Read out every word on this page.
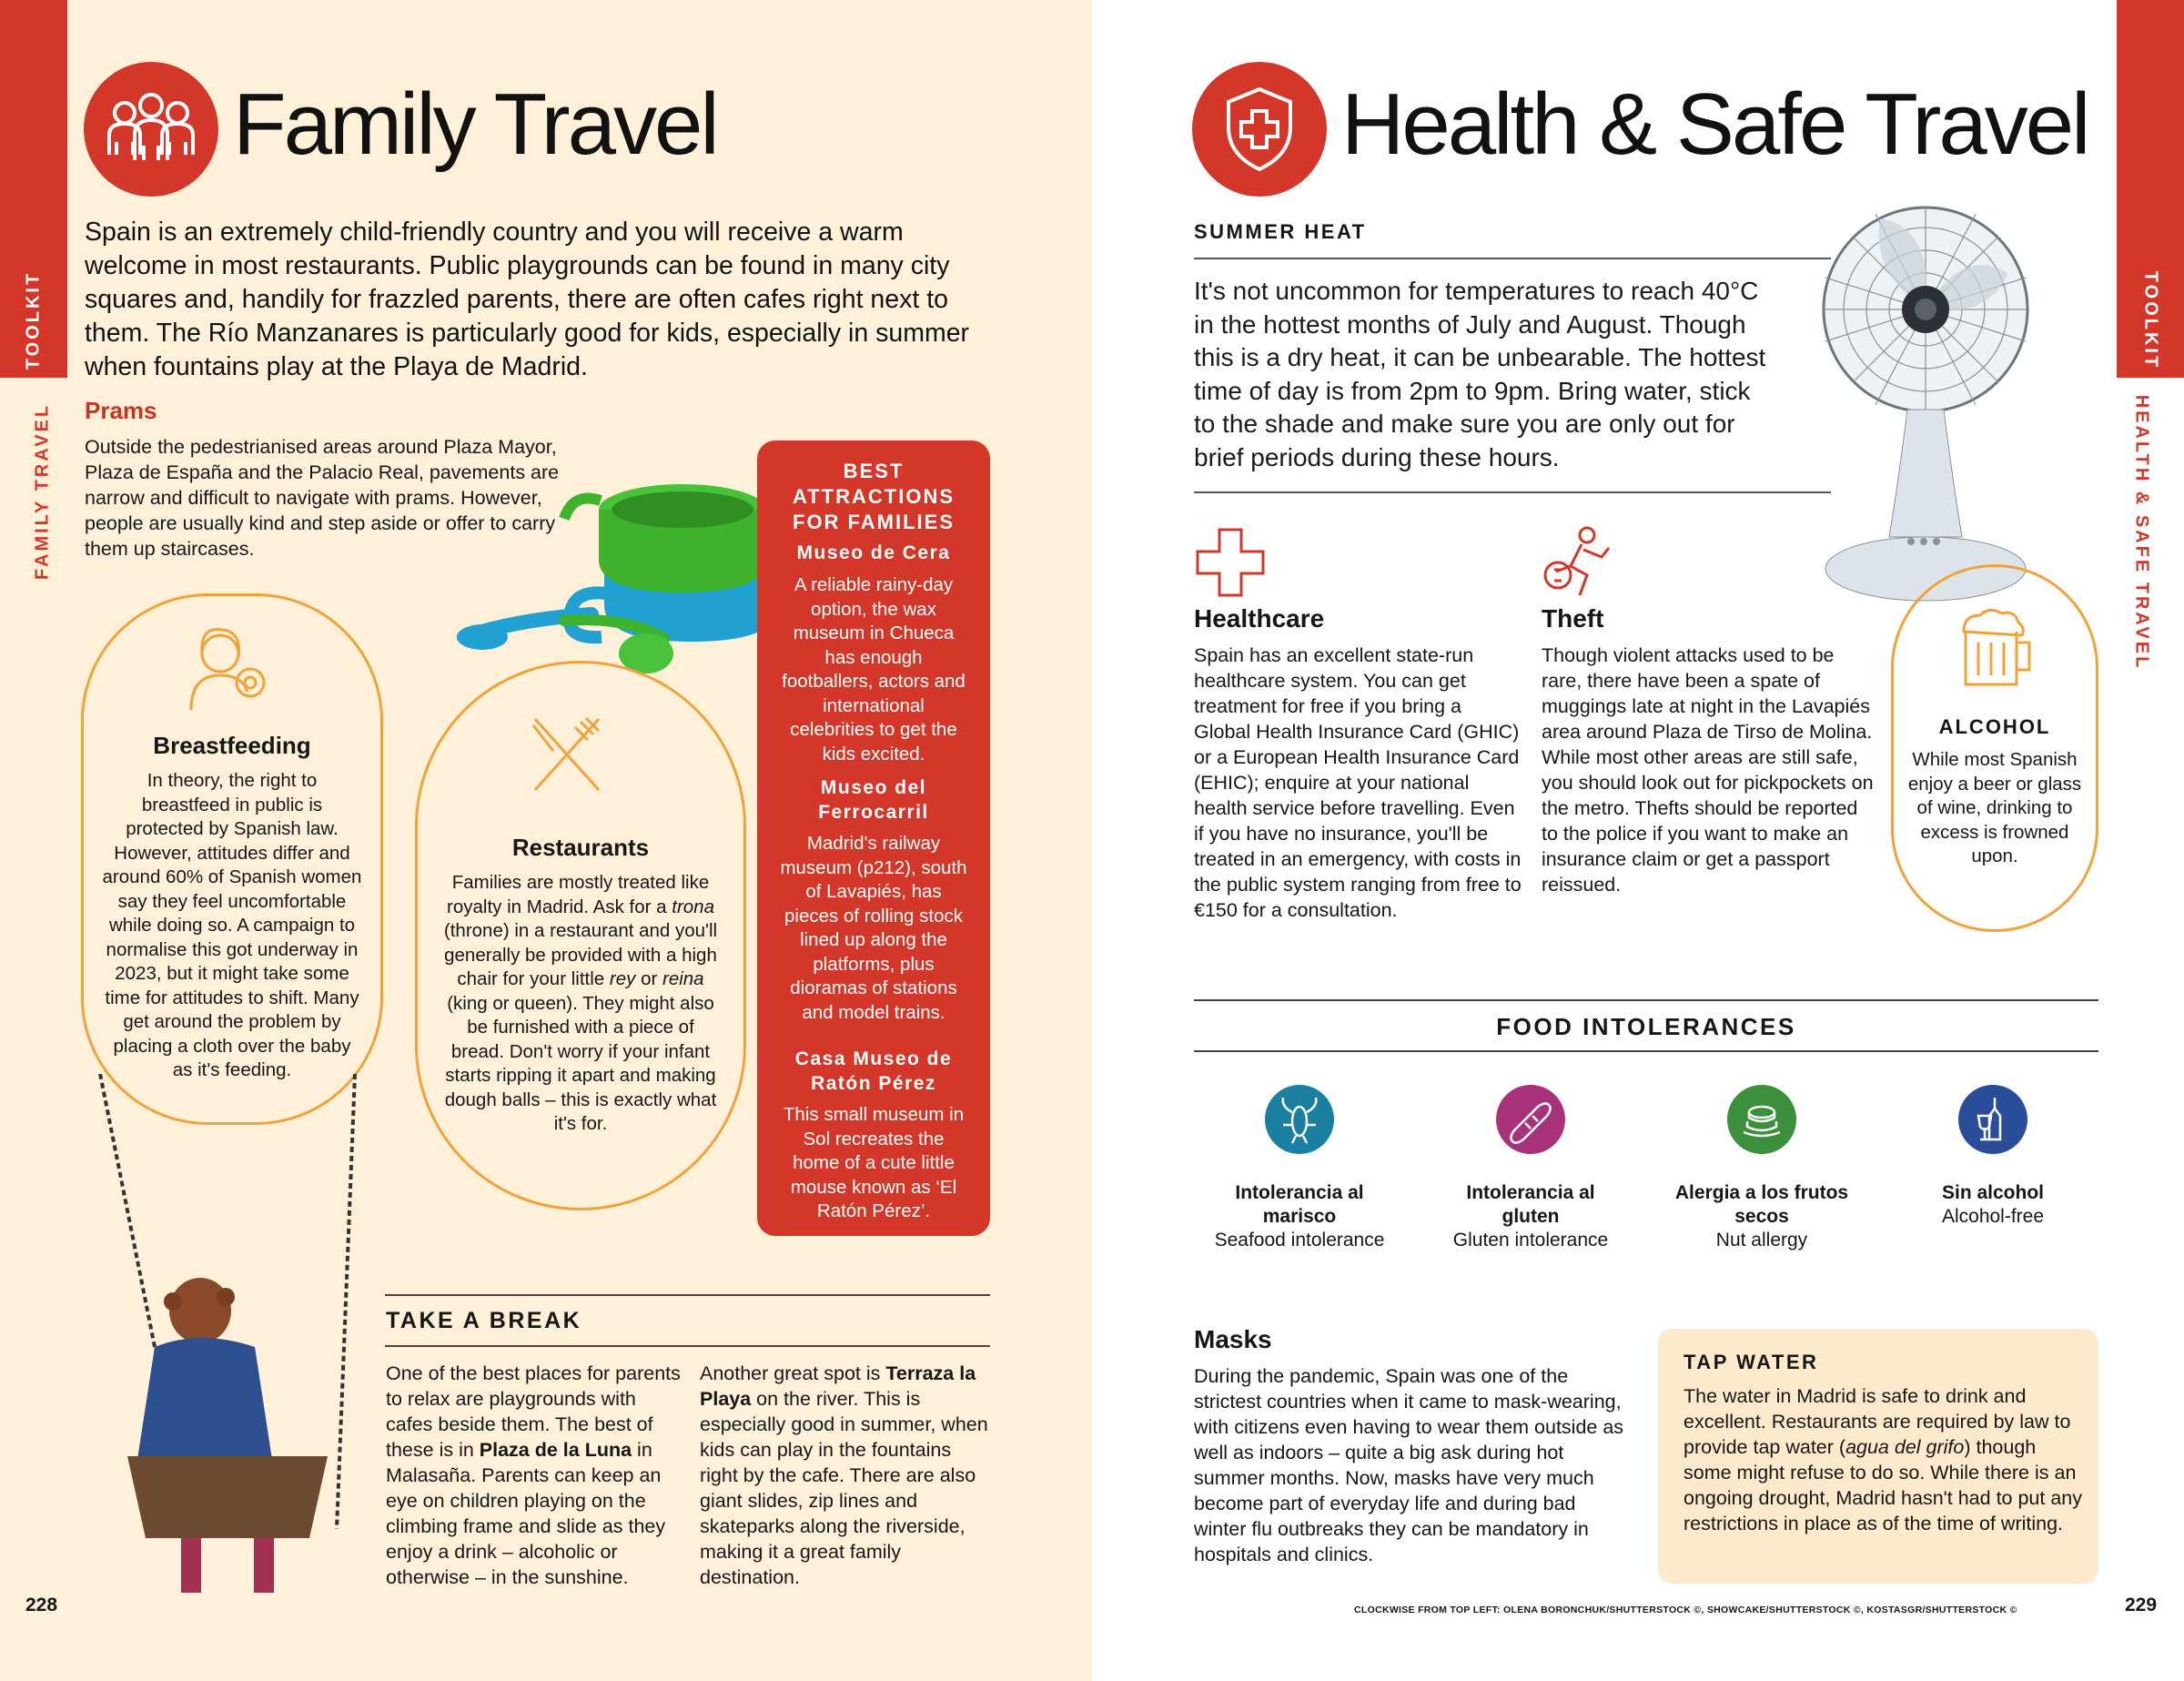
TOOLKIT
FAMILY TRAVEL
Family Travel
Spain is an extremely child-friendly country and you will receive a warm welcome in most restaurants. Public playgrounds can be found in many city squares and, handily for frazzled parents, there are often cafes right next to them. The Río Manzanares is particularly good for kids, especially in summer when fountains play at the Playa de Madrid.
Prams
Outside the pedestrianised areas around Plaza Mayor, Plaza de España and the Palacio Real, pavements are narrow and difficult to navigate with prams. However, people are usually kind and step aside or offer to carry them up staircases.
Breastfeeding
In theory, the right to breastfeed in public is protected by Spanish law. However, attitudes differ and around 60% of Spanish women say they feel uncomfortable while doing so. A campaign to normalise this got underway in 2023, but it might take some time for attitudes to shift. Many get around the problem by placing a cloth over the baby as it's feeding.
Restaurants
Families are mostly treated like royalty in Madrid. Ask for a trona (throne) in a restaurant and you'll generally be provided with a high chair for your little rey or reina (king or queen). They might also be furnished with a piece of bread. Don't worry if your infant starts ripping it apart and making dough balls – this is exactly what it's for.
BEST ATTRACTIONS FOR FAMILIES
Museo de Cera
A reliable rainy-day option, the wax museum in Chueca has enough footballers, actors and international celebrities to get the kids excited.
Museo del Ferrocarril
Madrid's railway museum (p212), south of Lavapiés, has pieces of rolling stock lined up along the platforms, plus dioramas of stations and model trains.
Casa Museo de Ratón Pérez
This small museum in Sol recreates the home of a cute little mouse known as ‘El Ratón Pérez’.
TAKE A BREAK
One of the best places for parents to relax are playgrounds with cafes beside them. The best of these is in Plaza de la Luna in Malasaña. Parents can keep an eye on children playing on the climbing frame and slide as they enjoy a drink – alcoholic or otherwise – in the sunshine.
Another great spot is Terraza la Playa on the river. This is especially good in summer, when kids can play in the fountains right by the cafe. There are also giant slides, zip lines and skateparks along the riverside, making it a great family destination.
228
TOOLKIT
HEALTH & SAFE TRAVEL
Health & Safe Travel
SUMMER HEAT
It's not uncommon for temperatures to reach 40°C in the hottest months of July and August. Though this is a dry heat, it can be unbearable. The hottest time of day is from 2pm to 9pm. Bring water, stick to the shade and make sure you are only out for brief periods during these hours.
Healthcare
Spain has an excellent state-run healthcare system. You can get treatment for free if you bring a Global Health Insurance Card (GHIC) or a European Health Insurance Card (EHIC); enquire at your national health service before travelling. Even if you have no insurance, you'll be treated in an emergency, with costs in the public system ranging from free to €150 for a consultation.
Theft
Though violent attacks used to be rare, there have been a spate of muggings late at night in the Lavapiés area around Plaza de Tirso de Molina. While most other areas are still safe, you should look out for pickpockets on the metro. Thefts should be reported to the police if you want to make an insurance claim or get a passport reissued.
ALCOHOL
While most Spanish enjoy a beer or glass of wine, drinking to excess is frowned upon.
FOOD INTOLERANCES
Intolerancia al marisco
Seafood intolerance
Intolerancia al gluten
Gluten intolerance
Alergia a los frutos secos
Nut allergy
Sin alcohol
Alcohol-free
Masks
During the pandemic, Spain was one of the strictest countries when it came to mask-wearing, with citizens even having to wear them outside as well as indoors – quite a big ask during hot summer months. Now, masks have very much become part of everyday life and during bad winter flu outbreaks they can be mandatory in hospitals and clinics.
TAP WATER
The water in Madrid is safe to drink and excellent. Restaurants are required by law to provide tap water (agua del grifo) though some might refuse to do so. While there is an ongoing drought, Madrid hasn't had to put any restrictions in place as of the time of writing.
CLOCKWISE FROM TOP LEFT: OLENA BORONCHUK/SHUTTERSTOCK ©, SHOWCAKE/SHUTTERSTOCK ©, KOSTASGR/SHUTTERSTOCK ©	229
